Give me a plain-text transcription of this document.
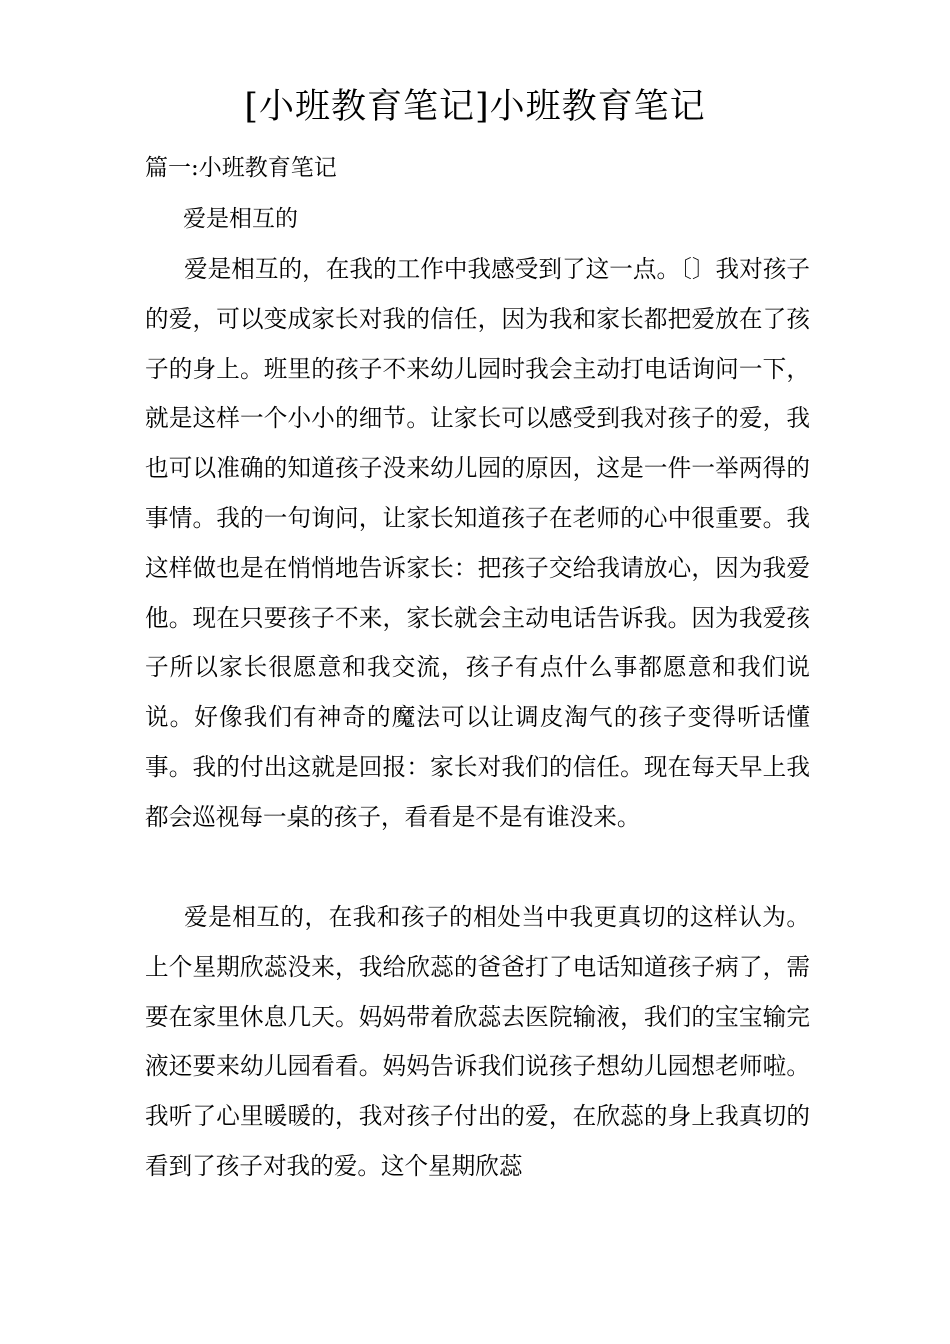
[小班教育笔记]小班教育笔记
篇一:小班教育笔记
爱是相互的

爱是相互的，在我的工作中我感受到了这一点。〔〕我对孩子的爱，可以变成家长对我的信任，因为我和家长都把爱放在了孩子的身上。班里的孩子不来幼儿园时我会主动打电话询问一下，就是这样一个小小的细节。让家长可以感受到我对孩子的爱，我也可以准确的知道孩子没来幼儿园的原因，这是一件一举两得的事情。我的一句询问，让家长知道孩子在老师的心中很重要。我这样做也是在悄悄地告诉家长：把孩子交给我请放心，因为我爱他。现在只要孩子不来，家长就会主动电话告诉我。因为我爱孩子所以家长很愿意和我交流，孩子有点什么事都愿意和我们说说。好像我们有神奇的魔法可以让调皮淘气的孩子变得听话懂事。我的付出这就是回报：家长对我们的信任。现在每天早上我都会巡视每一桌的孩子，看看是不是有谁没来。

爱是相互的，在我和孩子的相处当中我更真切的这样认为。上个星期欣蕊没来，我给欣蕊的爸爸打了电话知道孩子病了，需要在家里休息几天。妈妈带着欣蕊去医院输液，我们的宝宝输完液还要来幼儿园看看。妈妈告诉我们说孩子想幼儿园想老师啦。我听了心里暖暖的，我对孩子付出的爱，在欣蕊的身上我真切的看到了孩子对我的爱。这个星期欣蕊
